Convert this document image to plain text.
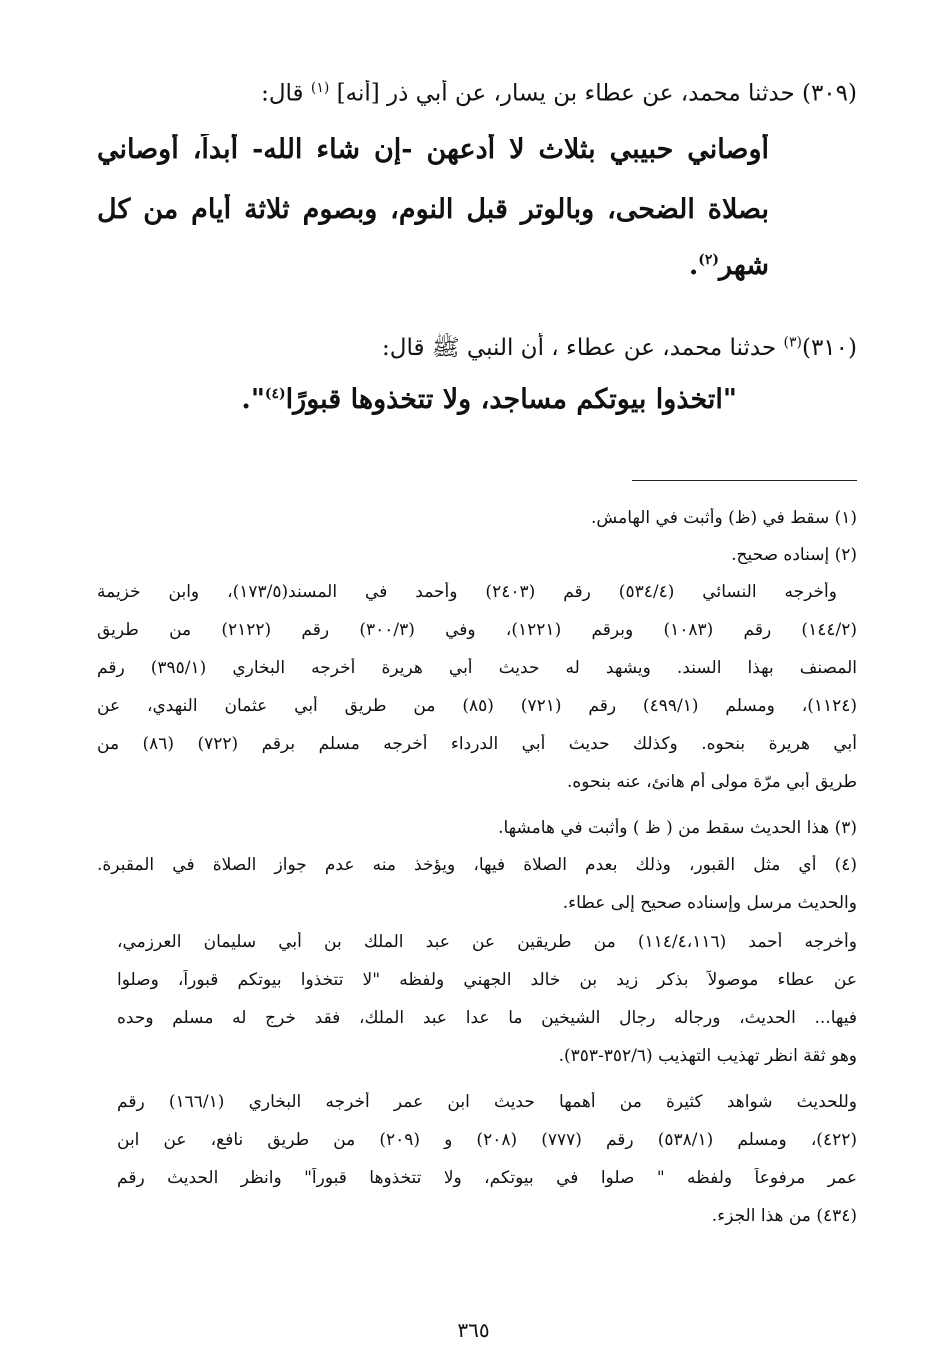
(٣٠٩) حدثنا محمد، عن عطاء بن يسار، عن أبي ذر [أنه] $^{(١)}$ قال:
أوصاني حبيبي بثلاث لا أدعهن -إن شاء الله- أبداً، أوصاني
بصلاة الضحى، وبالوتر قبل النوم، وبصوم ثلاثة أيام من كل
شهر$^{(٢)}$.
(٣١٠)$^{(٣)}$ حدثنا محمد، عن عطاء ، أن النبي ﷺ قال:
"اتخذوا بيوتكم مساجد، ولا تتخذوها قبورًا$^{(٤)}$".
(١) سقط في (ظ) وأثبت في الهامش.
(٢) إسناده صحيح.
وأخرجه النسائي (٥٣٤/٤) رقم (٢٤٠٣) وأحمد في المسند(١٧٣/٥)، وابن خزيمة
(١٤٤/٢) رقم (١٠٨٣) وبرقم (١٢٢١)، وفي (٣٠٠/٣) رقم (٢١٢٢) من طريق
المصنف بهذا السند. ويشهد له حديث أبي هريرة أخرجه البخاري (٣٩٥/١) رقم
(١١٢٤)، ومسلم (٤٩٩/١) رقم (٧٢١) (٨٥) من طريق أبي عثمان النهدي، عن
أبي هريرة بنحوه. وكذلك حديث أبي الدرداء أخرجه مسلم برقم (٧٢٢) (٨٦) من
طريق أبي مرّة مولى أم هانئ، عنه بنحوه.
(٣) هذا الحديث سقط من ( ظ ) وأثبت في هامشها.
(٤) أي مثل القبور، وذلك بعدم الصلاة فيها، ويؤخذ منه عدم جواز الصلاة في المقبرة.
والحديث مرسل وإسناده صحيح إلى عطاء.
وأخرجه أحمد (١١٤/٤،١١٦) من طريقين عن عبد الملك بن أبي سليمان العرزمي،
عن عطاء موصولاً بذكر زيد بن خالد الجهني ولفظه "لا تتخذوا بيوتكم قبوراً، وصلوا
فيها... الحديث، ورجاله رجال الشيخين ما عدا عبد الملك، فقد خرج له مسلم وحده
وهو ثقة انظر تهذيب التهذيب (٣٥٢/٦-٣٥٣).
وللحديث شواهد كثيرة من أهمها حديث ابن عمر أخرجه البخاري (١٦٦/١) رقم
(٤٢٢)، ومسلم (٥٣٨/١) رقم (٧٧٧) (٢٠٨) و (٢٠٩) من طريق نافع، عن ابن
عمر مرفوعاً ولفظه " صلوا في بيوتكم، ولا تتخذوها قبوراً" وانظر الحديث رقم
(٤٣٤) من هذا الجزء.
٣٦٥
